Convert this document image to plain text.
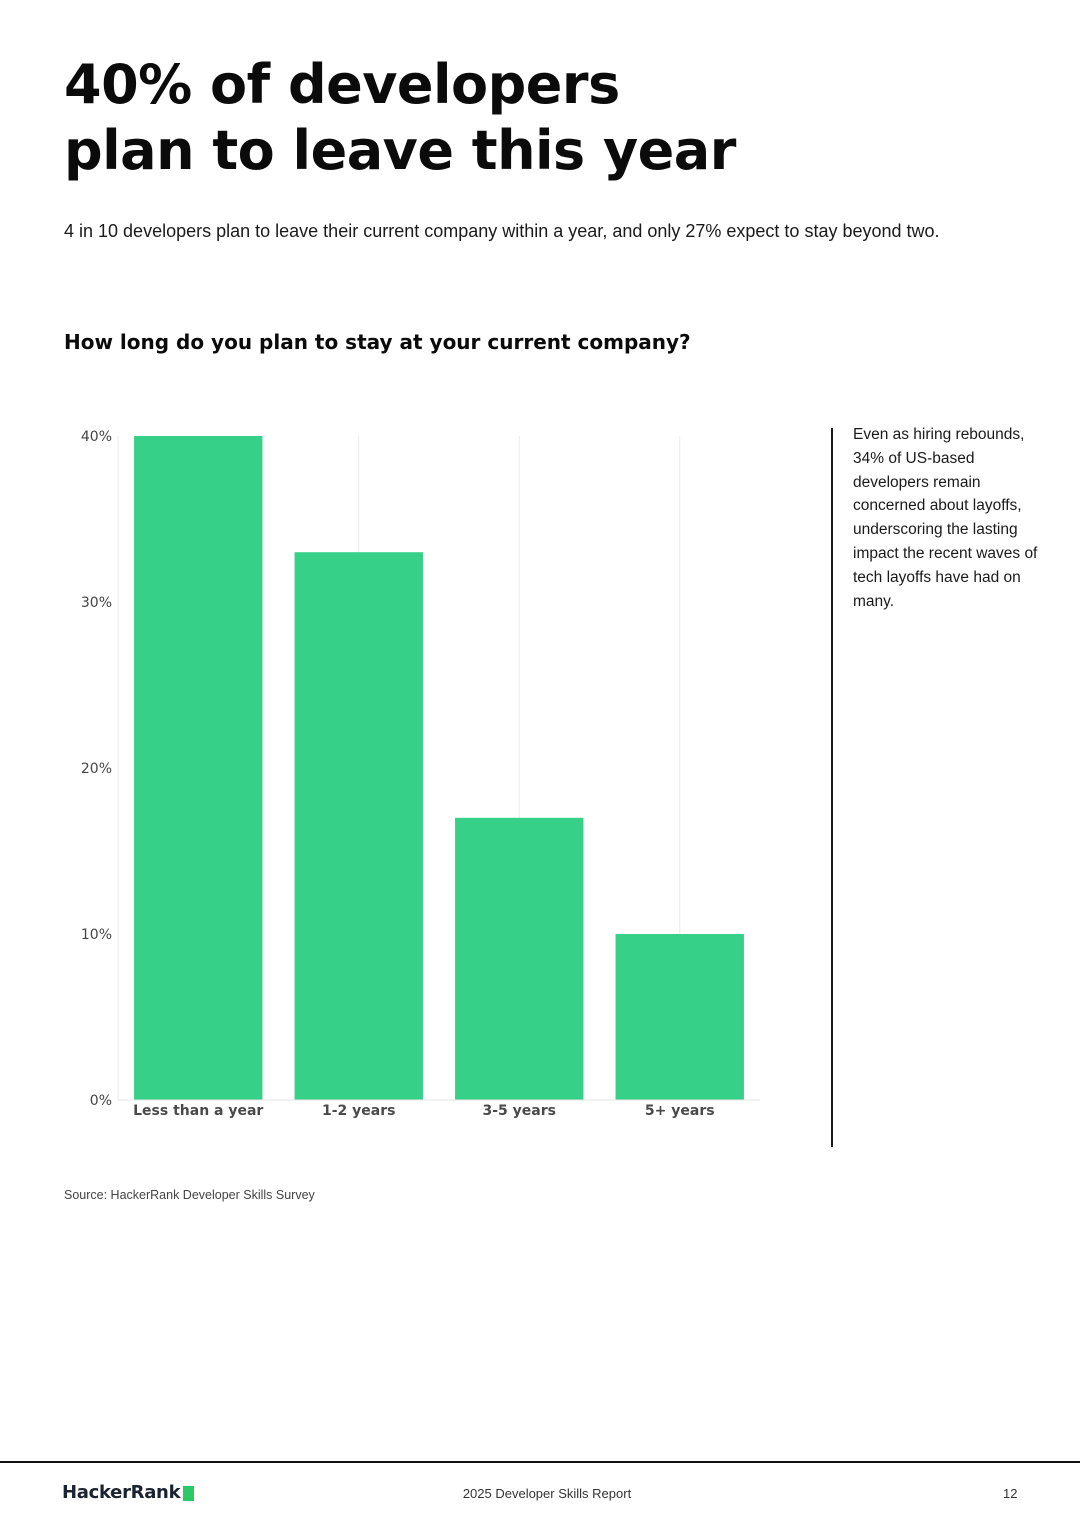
40% of developers
plan to leave this year
4 in 10 developers plan to leave their current company within a year, and only 27% expect to stay beyond two.
How long do you plan to stay at your current company?
0%
10%
20%
30%
40%
Less than a year	1-2 years	3-5 years	5+ years
Even as hiring rebounds, 34% of US-based developers remain concerned about layoffs, underscoring the lasting impact the recent waves of tech layoffs have had on many.
Source: HackerRank Developer Skills Survey
HackerRank	2025 Developer Skills Report	12
